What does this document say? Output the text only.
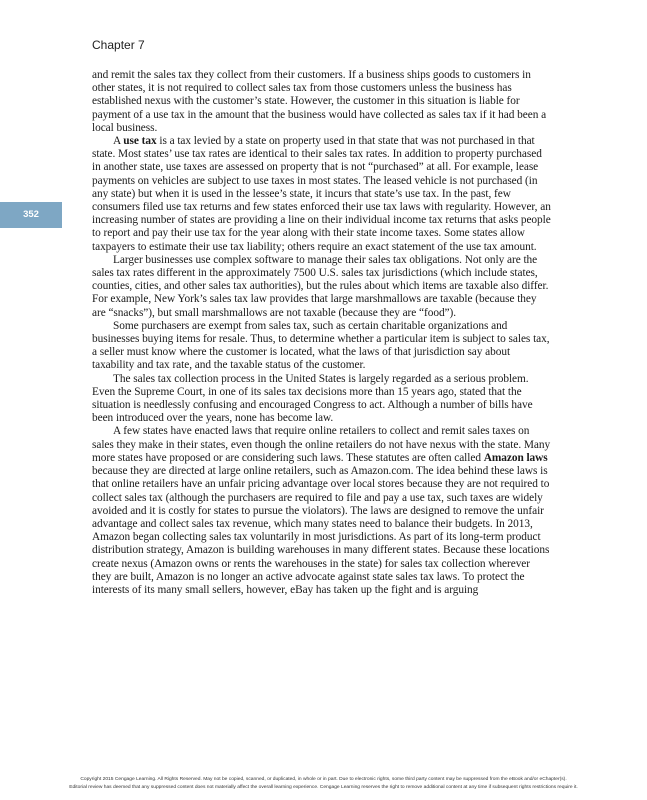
Chapter 7
352

and remit the sales tax they collect from their customers. If a business ships goods to customers in other states, it is not required to collect sales tax from those customers unless the business has established nexus with the customer’s state. However, the customer in this situation is liable for payment of a use tax in the amount that the business would have collected as sales tax if it had been a local business.

A use tax is a tax levied by a state on property used in that state that was not purchased in that state. Most states’ use tax rates are identical to their sales tax rates. In addition to property purchased in another state, use taxes are assessed on property that is not “purchased” at all. For example, lease payments on vehicles are subject to use taxes in most states. The leased vehicle is not purchased (in any state) but when it is used in the lessee’s state, it incurs that state’s use tax. In the past, few consumers filed use tax returns and few states enforced their use tax laws with regularity. However, an increasing number of states are providing a line on their individual income tax returns that asks people to report and pay their use tax for the year along with their state income taxes. Some states allow taxpayers to estimate their use tax liability; others require an exact statement of the use tax amount.

Larger businesses use complex software to manage their sales tax obligations. Not only are the sales tax rates different in the approximately 7500 U.S. sales tax jurisdictions (which include states, counties, cities, and other sales tax authorities), but the rules about which items are taxable also differ. For example, New York’s sales tax law provides that large marshmallows are taxable (because they are “snacks”), but small marshmallows are not taxable (because they are “food”).

Some purchasers are exempt from sales tax, such as certain charitable organizations and businesses buying items for resale. Thus, to determine whether a particular item is subject to sales tax, a seller must know where the customer is located, what the laws of that jurisdiction say about taxability and tax rate, and the taxable status of the customer.

The sales tax collection process in the United States is largely regarded as a serious problem. Even the Supreme Court, in one of its sales tax decisions more than 15 years ago, stated that the situation is needlessly confusing and encouraged Congress to act. Although a number of bills have been introduced over the years, none has become law.

A few states have enacted laws that require online retailers to collect and remit sales taxes on sales they make in their states, even though the online retailers do not have nexus with the state. Many more states have proposed or are considering such laws. These statutes are often called Amazon laws because they are directed at large online retailers, such as Amazon.com. The idea behind these laws is that online retailers have an unfair pricing advantage over local stores because they are not required to collect sales tax (although the purchasers are required to file and pay a use tax, such taxes are widely avoided and it is costly for states to pursue the violators). The laws are designed to remove the unfair advantage and collect sales tax revenue, which many states need to balance their budgets. In 2013, Amazon began collecting sales tax voluntarily in most jurisdictions. As part of its long-term product distribution strategy, Amazon is building warehouses in many different states. Because these locations create nexus (Amazon owns or rents the warehouses in the state) for sales tax collection wherever they are built, Amazon is no longer an active advocate against state sales tax laws. To protect the interests of its many small sellers, however, eBay has taken up the fight and is arguing

Copyright 2015 Cengage Learning. All Rights Reserved. May not be copied, scanned, or duplicated, in whole or in part. Due to electronic rights, some third party content may be suppressed from the eBook and/or eChapter(s).
Editorial review has deemed that any suppressed content does not materially affect the overall learning experience. Cengage Learning reserves the right to remove additional content at any time if subsequent rights restrictions require it.
